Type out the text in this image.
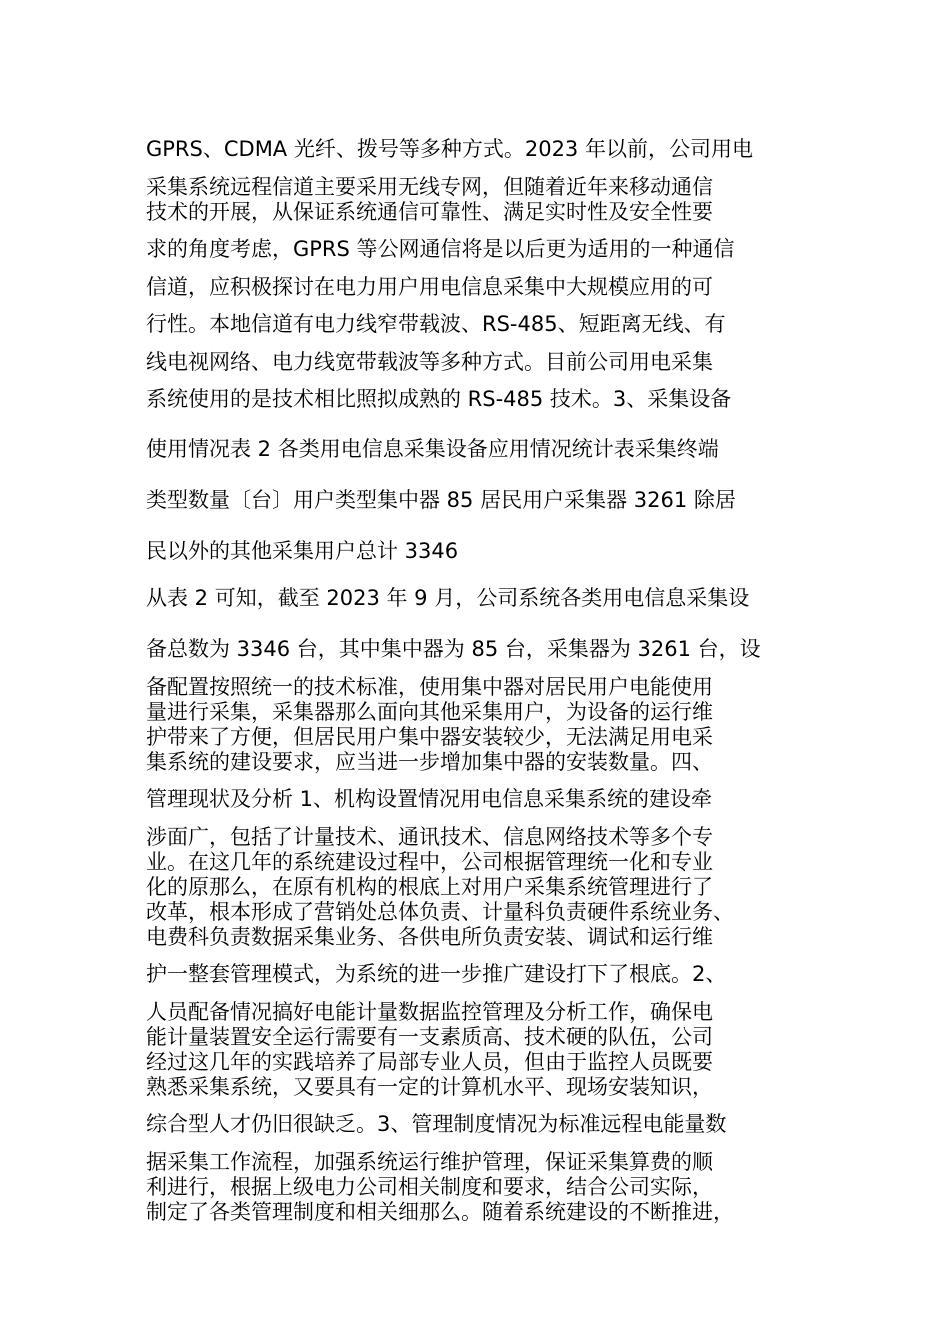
GPRS、CDMA 光纤、拨号等多种方式。2023 年以前，公司用电
采集系统远程信道主要采用无线专网，但随着近年来移动通信
技术的开展，从保证系统通信可靠性、满足实时性及安全性要
求的角度考虑，GPRS 等公网通信将是以后更为适用的一种通信
信道，应积极探讨在电力用户用电信息采集中大规模应用的可
行性。本地信道有电力线窄带载波、RS-485、短距离无线、有
线电视网络、电力线宽带载波等多种方式。目前公司用电采集
系统使用的是技术相比照拟成熟的 RS-485 技术。3、采集设备
使用情况表 2 各类用电信息采集设备应用情况统计表采集终端
类型数量〔台〕用户类型集中器 85 居民用户采集器 3261 除居
民以外的其他采集用户总计 3346
从表 2 可知，截至 2023 年 9 月，公司系统各类用电信息采集设
备总数为 3346 台，其中集中器为 85 台，采集器为 3261 台，设
备配置按照统一的技术标准，使用集中器对居民用户电能使用
量进行采集，采集器那么面向其他采集用户，为设备的运行维
护带来了方便，但居民用户集中器安装较少，无法满足用电采
集系统的建设要求，应当进一步增加集中器的安装数量。四、
管理现状及分析 1、机构设置情况用电信息采集系统的建设牵
涉面广，包括了计量技术、通讯技术、信息网络技术等多个专
业。在这几年的系统建设过程中，公司根据管理统一化和专业
化的原那么，在原有机构的根底上对用户采集系统管理进行了
改革，根本形成了营销处总体负责、计量科负责硬件系统业务、
电费科负责数据采集业务、各供电所负责安装、调试和运行维
护一整套管理模式，为系统的进一步推广建设打下了根底。2、
人员配备情况搞好电能计量数据监控管理及分析工作，确保电
能计量装置安全运行需要有一支素质高、技术硬的队伍，公司
经过这几年的实践培养了局部专业人员，但由于监控人员既要
熟悉采集系统，又要具有一定的计算机水平、现场安装知识，
综合型人才仍旧很缺乏。3、管理制度情况为标准远程电能量数
据采集工作流程，加强系统运行维护管理，保证采集算费的顺
利进行，根据上级电力公司相关制度和要求，结合公司实际，
制定了各类管理制度和相关细那么。随着系统建设的不断推进，
